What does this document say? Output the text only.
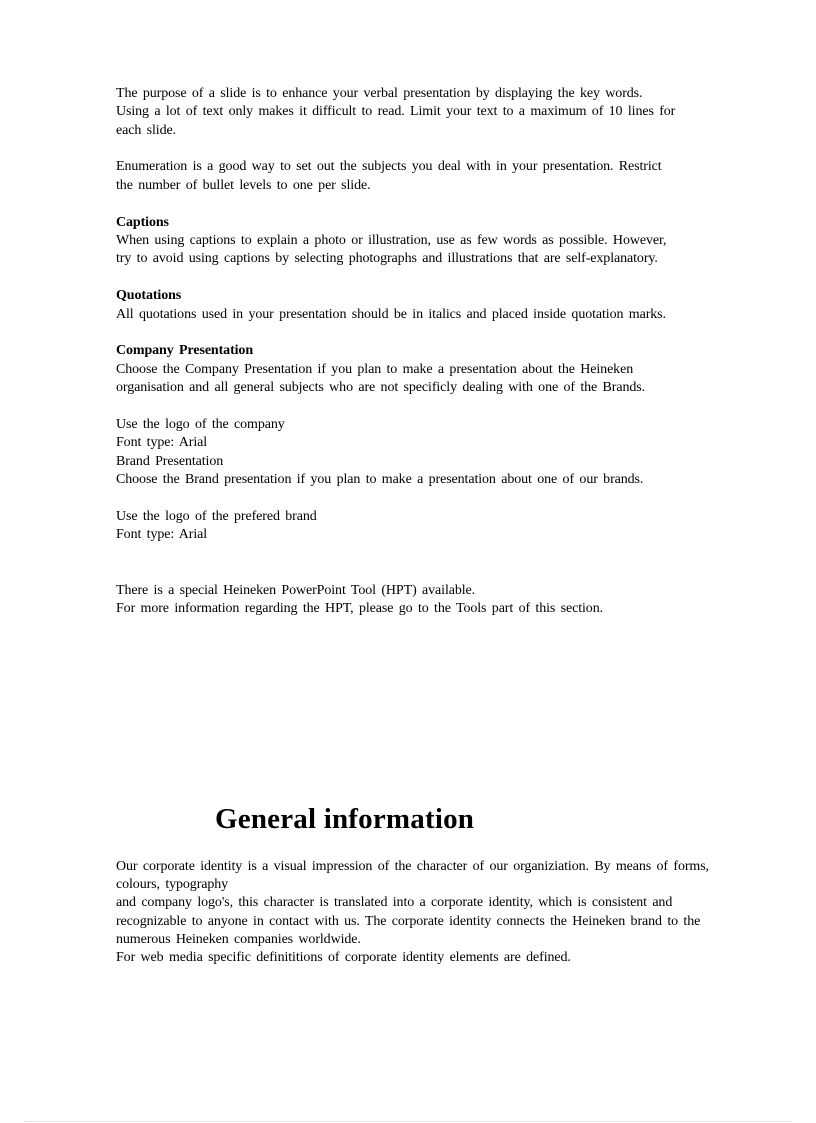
The purpose of a slide is to enhance your verbal presentation by displaying the key words.
Using a lot of text only makes it difficult to read. Limit your text to a maximum of 10 lines for
each slide.
Enumeration is a good way to set out the subjects you deal with in your presentation. Restrict
the number of bullet levels to one per slide.
Captions
When using captions to explain a photo or illustration, use as few words as possible. However,
try to avoid using captions by selecting photographs and illustrations that are self-explanatory.
Quotations
All quotations used in your presentation should be in italics and placed inside quotation marks.
Company Presentation
Choose the Company Presentation if you plan to make a presentation about the Heineken
organisation and all general subjects who are not specificly dealing with one of the Brands.
Use the logo of the company
Font type: Arial
Brand Presentation
Choose the Brand presentation if you plan to make a presentation about one of our brands.
Use the logo of the prefered brand
Font type: Arial
There is a special Heineken PowerPoint Tool (HPT) available.
For more information regarding the HPT, please go to the Tools part of this section.
General information
Our corporate identity is a visual impression of the character of our organiziation. By means of forms,
colours, typography
and company logo's, this character is translated into a corporate identity, which is consistent and
recognizable to anyone in contact with us. The corporate identity connects the Heineken brand to the
numerous Heineken companies worldwide.
For web media specific definititions of corporate identity elements are defined.
